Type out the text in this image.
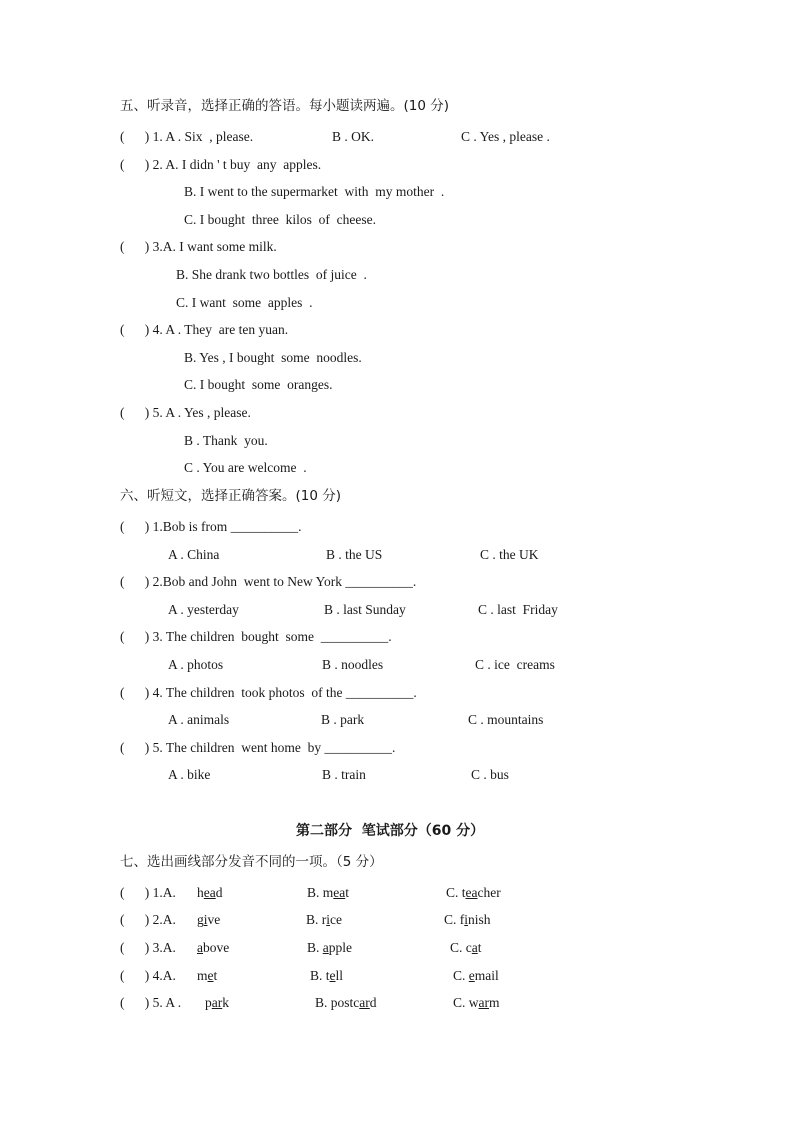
五、听录音，选择正确的答语。每小题读两遍。(10 分)
(      ) 1. A . Six  , please.	B . OK.	C . Yes , please .
(      ) 2. A. I didn ' t buy  any  apples.
B. I went to the supermarket  with  my mother  .
C. I bought  three  kilos  of  cheese.
(      ) 3.A. I want some milk.
B. She drank two bottles  of juice  .
C. I want  some  apples  .
(      ) 4. A . They  are ten yuan.
B. Yes , I bought  some  noodles.
C. I bought  some  oranges.
(      ) 5. A . Yes , please.
B . Thank  you.
C . You are welcome  .
六、听短文，选择正确答案。(10 分)
(      ) 1.Bob is from __________.
A . China	B . the US	C . the UK
(      ) 2.Bob and John  went to New York __________.
A . yesterday	B . last Sunday	C . last  Friday
(      ) 3. The children  bought  some  __________.
A . photos	B . noodles	C . ice  creams
(      ) 4. The children  took photos  of the __________.
A . animals	B . park	C . mountains
(      ) 5. The children  went home  by __________.
A . bike	B . train	C . bus
第二部分  笔试部分（60 分）
七、选出画线部分发音不同的一项。（5 分）
(      ) 1.A. head	B. meat	C. teacher
(      ) 2.A. give	B. rice	C. finish
(      ) 3.A. above	B. apple	C. cat
(      ) 4.A. met	B. tell	C. email
(      ) 5. A . park	B. postcard	C. warm
